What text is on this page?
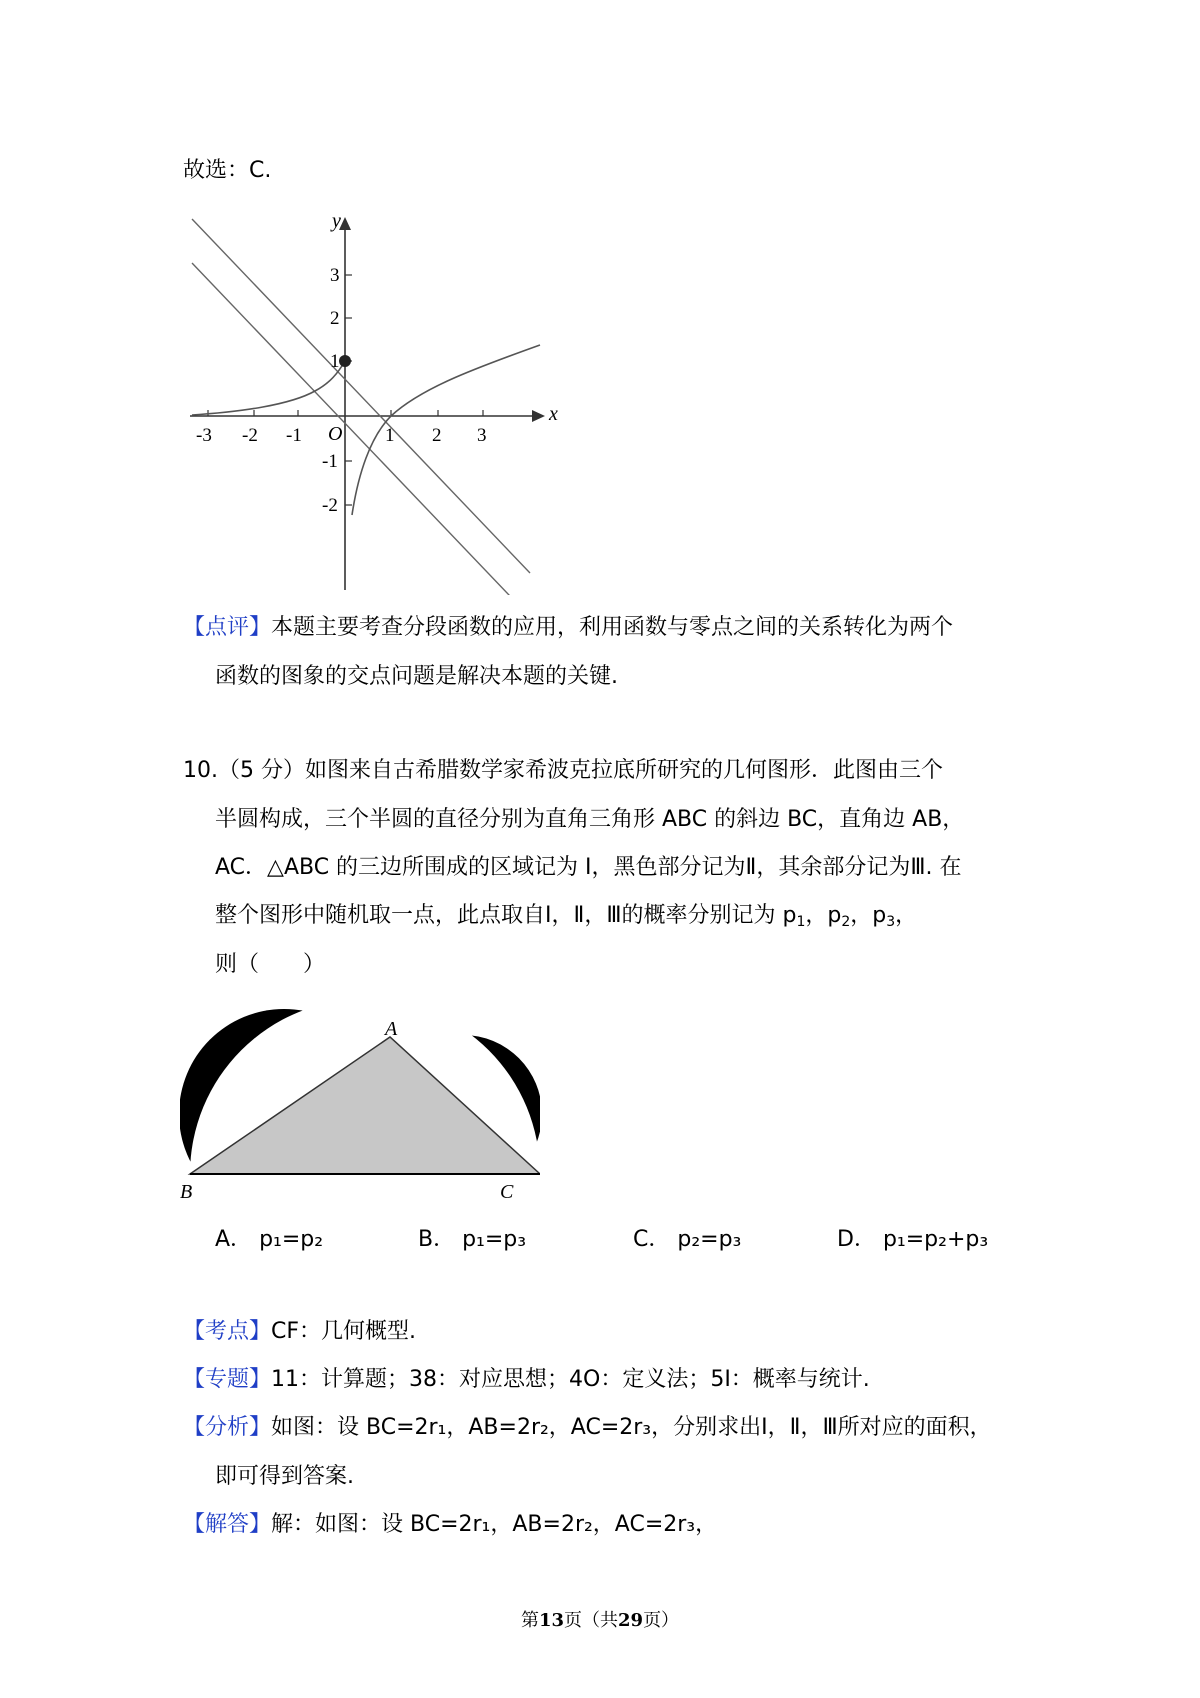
故选：C.
x
y
O
-3 -2 -1	1 2 3
3
2
1
-1
-2
【点评】本题主要考查分段函数的应用，利用函数与零点之间的关系转化为两个
函数的图象的交点问题是解决本题的关键.
10.（5 分）如图来自古希腊数学家希波克拉底所研究的几何图形．此图由三个
半圆构成，三个半圆的直径分别为直角三角形 ABC 的斜边 BC，直角边 AB，
AC．△ABC 的三边所围成的区域记为 I，黑色部分记为Ⅱ，其余部分记为Ⅲ. 在
整个图形中随机取一点，此点取自Ⅰ，Ⅱ，Ⅲ的概率分别记为 $p_1$，$p_2$，$p_3$，
则（　　）
A
B	C
A． p₁=p₂	B． p₁=p₃	C． p₂=p₃	D． p₁=p₂+p₃
【考点】CF：几何概型.
【专题】11：计算题；38：对应思想；4O：定义法；5I：概率与统计.
【分析】如图：设 BC=2r₁，AB=2r₂，AC=2r₃，分别求出Ⅰ，Ⅱ，Ⅲ所对应的面积，
即可得到答案.
【解答】解：如图：设 BC=2r₁，AB=2r₂，AC=2r₃，
第13页（共29页）
